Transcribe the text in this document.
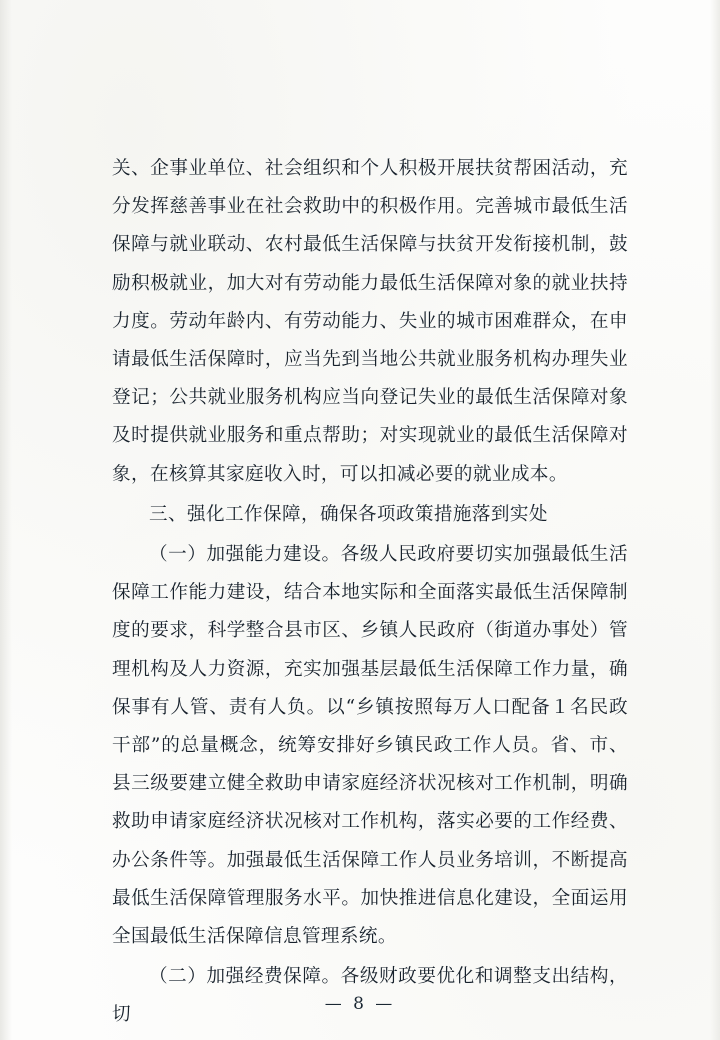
关、企事业单位、社会组织和个人积极开展扶贫帮困活动，充分发挥慈善事业在社会救助中的积极作用。完善城市最低生活保障与就业联动、农村最低生活保障与扶贫开发衔接机制，鼓励积极就业，加大对有劳动能力最低生活保障对象的就业扶持力度。劳动年龄内、有劳动能力、失业的城市困难群众，在申请最低生活保障时，应当先到当地公共就业服务机构办理失业登记；公共就业服务机构应当向登记失业的最低生活保障对象及时提供就业服务和重点帮助；对实现就业的最低生活保障对象，在核算其家庭收入时，可以扣减必要的就业成本。

三、强化工作保障，确保各项政策措施落到实处

（一）加强能力建设。各级人民政府要切实加强最低生活保障工作能力建设，结合本地实际和全面落实最低生活保障制度的要求，科学整合县市区、乡镇人民政府（街道办事处）管理机构及人力资源，充实加强基层最低生活保障工作力量，确保事有人管、责有人负。以“乡镇按照每万人口配备１名民政干部”的总量概念，统筹安排好乡镇民政工作人员。省、市、县三级要建立健全救助申请家庭经济状况核对工作机制，明确救助申请家庭经济状况核对工作机构，落实必要的工作经费、办公条件等。加强最低生活保障工作人员业务培训，不断提高最低生活保障管理服务水平。加快推进信息化建设，全面运用全国最低生活保障信息管理系统。

（二）加强经费保障。各级财政要优化和调整支出结构，切

— 8 —
